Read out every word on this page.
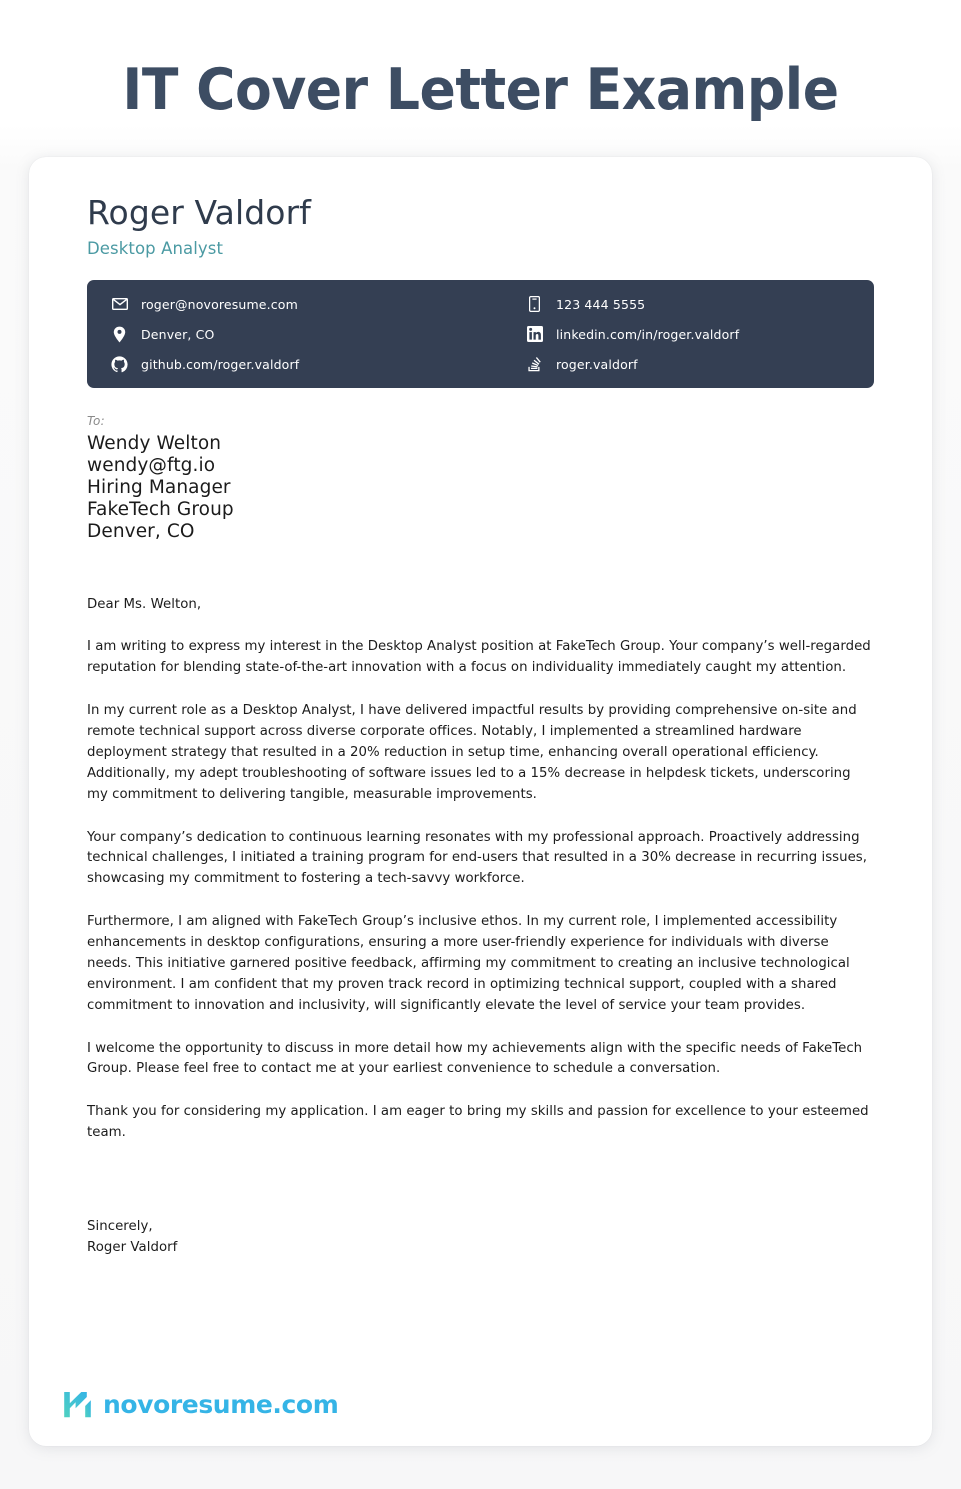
IT Cover Letter Example
Roger Valdorf
Desktop Analyst
roger@novoresume.com
Denver, CO
github.com/roger.valdorf
123 444 5555
linkedin.com/in/roger.valdorf
roger.valdorf
To:
Wendy Welton
wendy@ftg.io
Hiring Manager
FakeTech Group
Denver, CO
Dear Ms. Welton,

I am writing to express my interest in the Desktop Analyst position at FakeTech Group. Your company’s well-regarded reputation for blending state-of-the-art innovation with a focus on individuality immediately caught my attention.

In my current role as a Desktop Analyst, I have delivered impactful results by providing comprehensive on-site and remote technical support across diverse corporate offices. Notably, I implemented a streamlined hardware deployment strategy that resulted in a 20% reduction in setup time, enhancing overall operational efficiency. Additionally, my adept troubleshooting of software issues led to a 15% decrease in helpdesk tickets, underscoring my commitment to delivering tangible, measurable improvements.

Your company’s dedication to continuous learning resonates with my professional approach. Proactively addressing technical challenges, I initiated a training program for end-users that resulted in a 30% decrease in recurring issues, showcasing my commitment to fostering a tech-savvy workforce.

Furthermore, I am aligned with FakeTech Group’s inclusive ethos. In my current role, I implemented accessibility enhancements in desktop configurations, ensuring a more user-friendly experience for individuals with diverse needs. This initiative garnered positive feedback, affirming my commitment to creating an inclusive technological environment. I am confident that my proven track record in optimizing technical support, coupled with a shared commitment to innovation and inclusivity, will significantly elevate the level of service your team provides.

I welcome the opportunity to discuss in more detail how my achievements align with the specific needs of FakeTech Group. Please feel free to contact me at your earliest convenience to schedule a conversation.

Thank you for considering my application. I am eager to bring my skills and passion for excellence to your esteemed team.

Sincerely,
Roger Valdorf
novoresume.com
